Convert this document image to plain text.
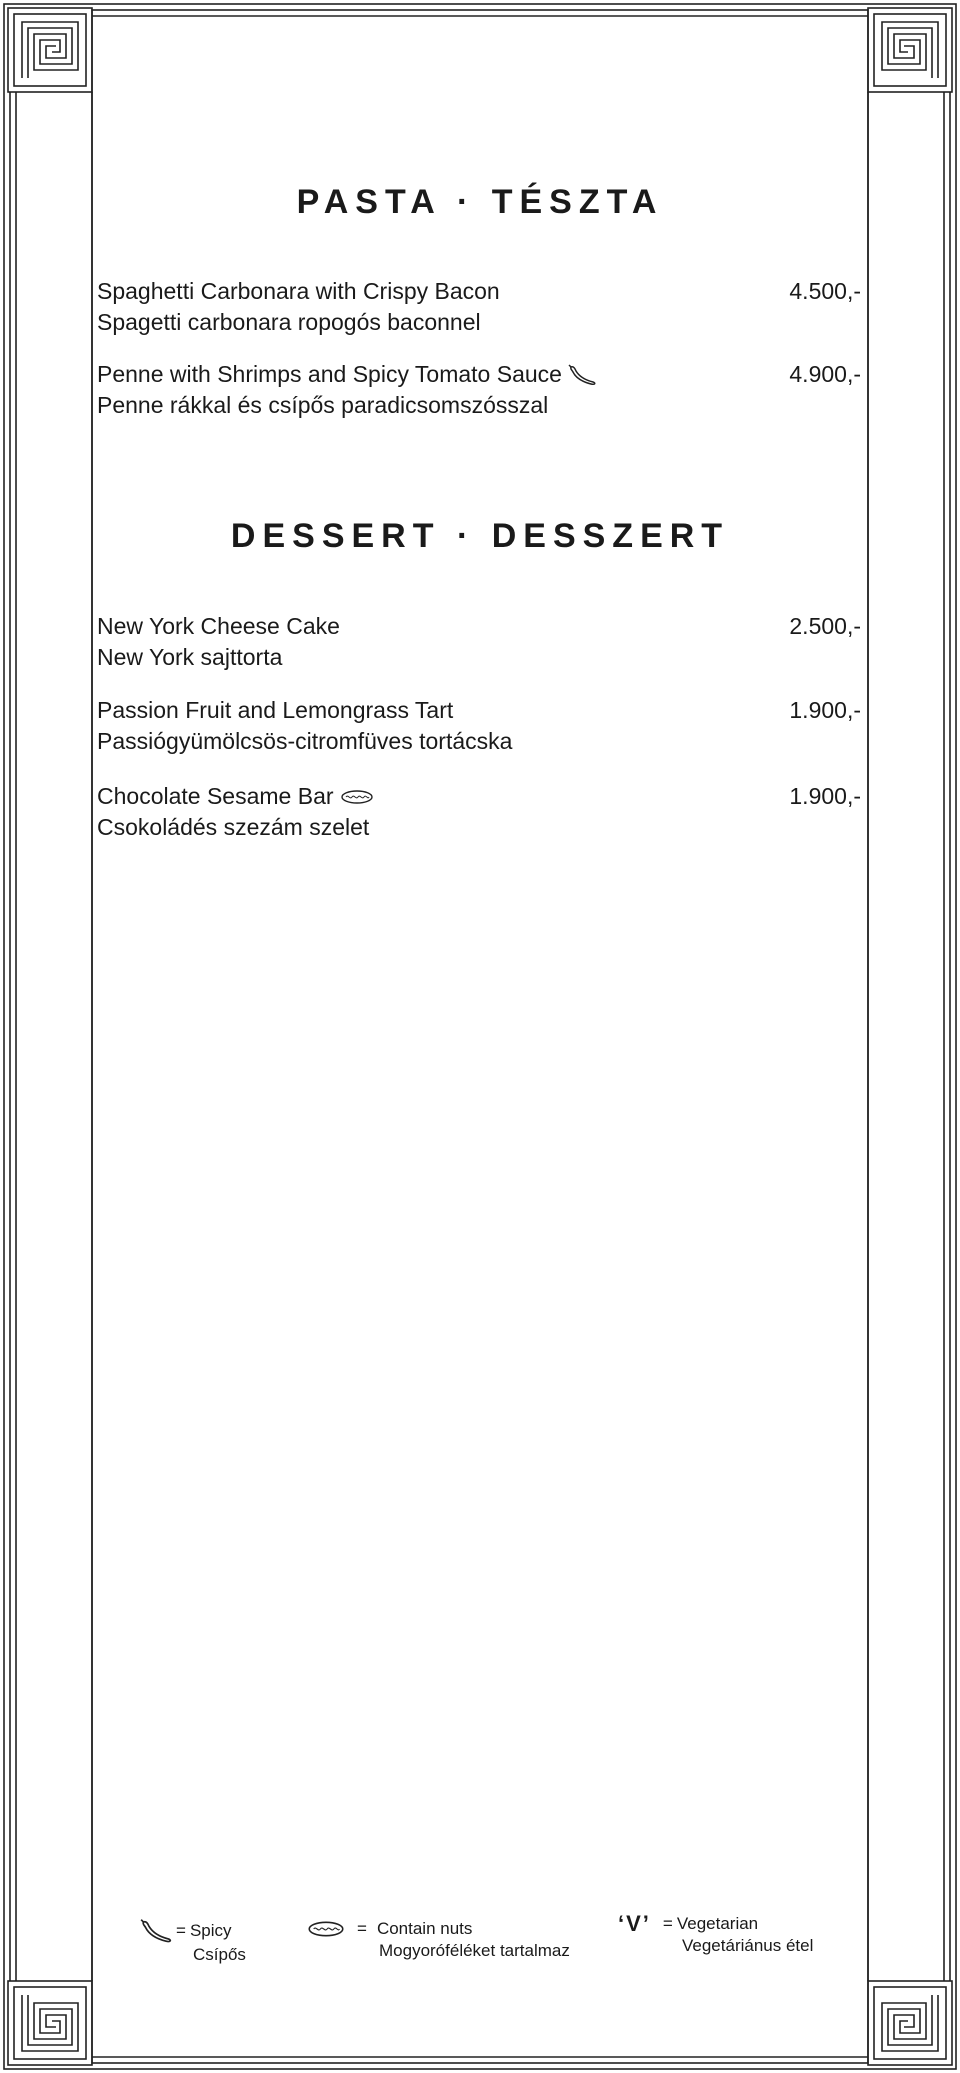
PASTA · TÉSZTA
Spaghetti Carbonara with Crispy Bacon	4.500,-
Spagetti carbonara ropogós baconnel
Penne with Shrimps and Spicy Tomato Sauce	4.900,-
Penne rákkal és csípős paradicsomszósszal
DESSERT · DESSZERT
New York Cheese Cake	2.500,-
New York sajttorta
Passion Fruit and Lemongrass Tart	1.900,-
Passiógyümölcsös-citromfüves tortácska
Chocolate Sesame Bar	1.900,-
Csokoládés szezám szelet
= Spicy
Csípős
= Contain nuts
Mogyoróféléket tartalmaz
‘V’ = Vegetarian
Vegetáriánus étel
